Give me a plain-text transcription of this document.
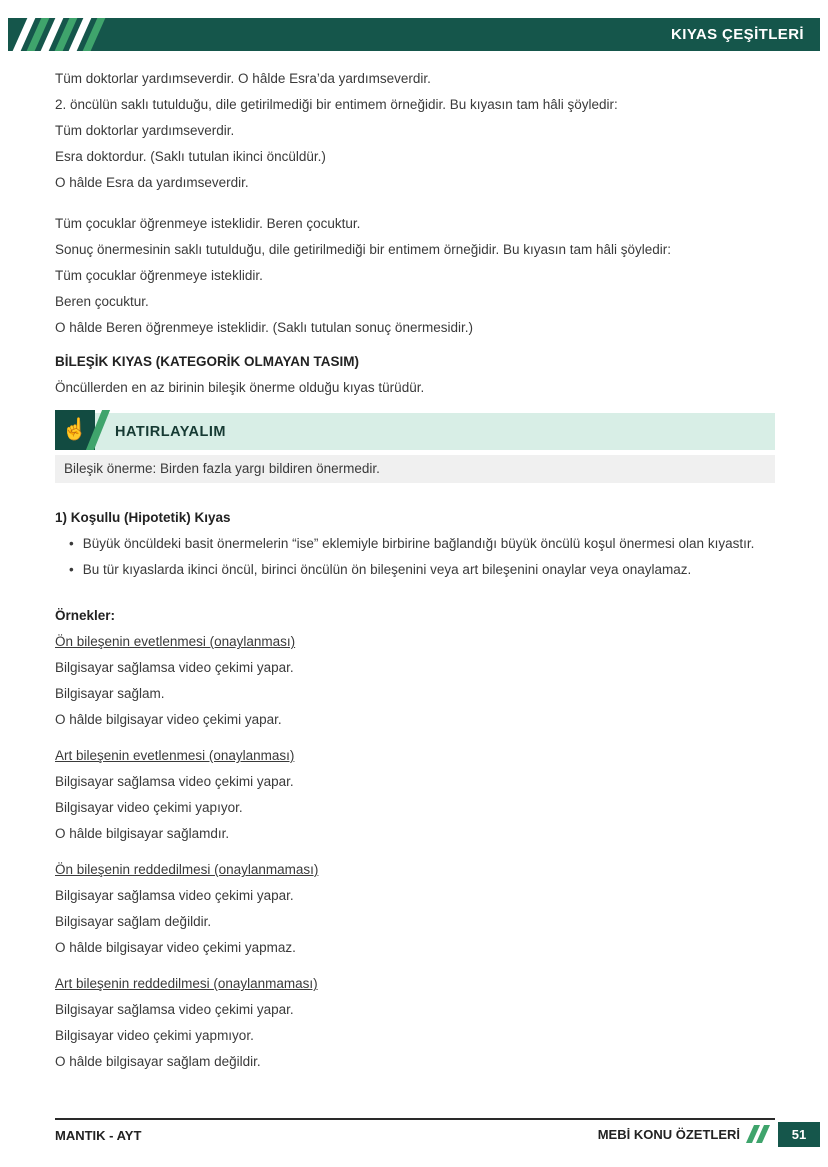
KIYAS ÇEŞİTLERİ
Tüm doktorlar yardımseverdir. O hâlde Esra’da yardımseverdir.
2. öncülün saklı tutulduğu, dile getirilmediği bir entimem örneğidir. Bu kıyasın tam hâli şöyledir:
Tüm doktorlar yardımseverdir.
Esra doktordur. (Saklı tutulan ikinci öncüldür.)
O hâlde Esra da yardımseverdir.
Tüm çocuklar öğrenmeye isteklidir. Beren çocuktur.
Sonuç önermesinin saklı tutulduğu, dile getirilmediği bir entimem örneğidir. Bu kıyasın tam hâli şöyledir:
Tüm çocuklar öğrenmeye isteklidir.
Beren çocuktur.
O hâlde Beren öğrenmeye isteklidir. (Saklı tutulan sonuç önermesidir.)
BİLEŞİK KIYAS (KATEGORİK OLMAYAN TASIM)
Öncüllerden en az birinin bileşik önerme olduğu kıyas türüdür.
☝ HATIRLAYALIM
Bileşik önerme: Birden fazla yargı bildiren önermedir.
1) Koşullu (Hipotetik) Kıyas
• Büyük öncüldeki basit önermelerin “ise” eklemiyle birbirine bağlandığı büyük öncülü koşul önermesi olan kıyastır.
• Bu tür kıyaslarda ikinci öncül, birinci öncülün ön bileşenini veya art bileşenini onaylar veya onaylamaz.
Örnekler:
Ön bileşenin evetlenmesi (onaylanması)
Bilgisayar sağlamsa video çekimi yapar.
Bilgisayar sağlam.
O hâlde bilgisayar video çekimi yapar.
Art bileşenin evetlenmesi (onaylanması)
Bilgisayar sağlamsa video çekimi yapar.
Bilgisayar video çekimi yapıyor.
O hâlde bilgisayar sağlamdır.
Ön bileşenin reddedilmesi (onaylanmaması)
Bilgisayar sağlamsa video çekimi yapar.
Bilgisayar sağlam değildir.
O hâlde bilgisayar video çekimi yapmaz.
Art bileşenin reddedilmesi (onaylanmaması)
Bilgisayar sağlamsa video çekimi yapar.
Bilgisayar video çekimi yapmıyor.
O hâlde bilgisayar sağlam değildir.
MANTIK - AYT	MEBİ KONU ÖZETLERİ	51
